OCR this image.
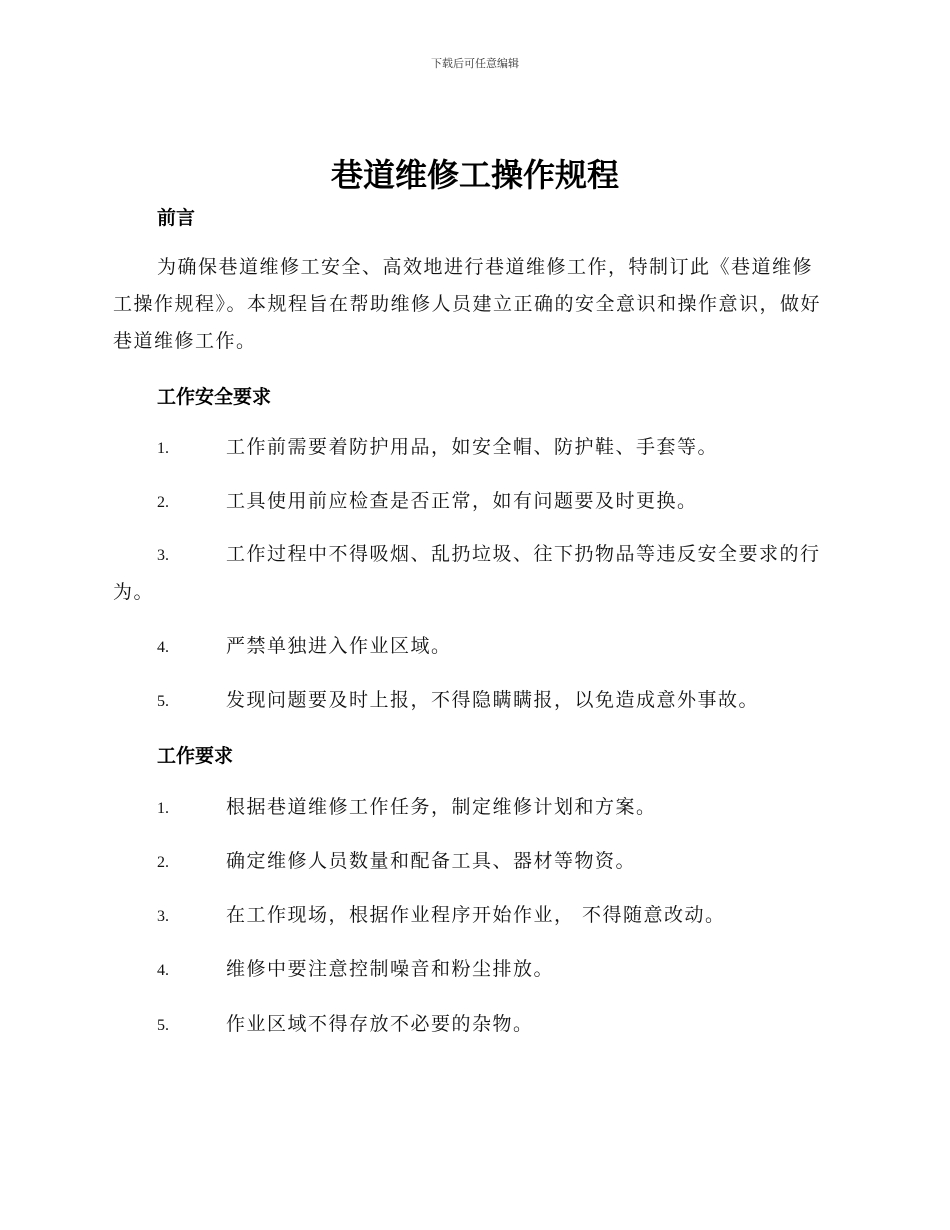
下载后可任意编辑
巷道维修工操作规程
前言
为确保巷道维修工安全、高效地进行巷道维修工作，特制订此《巷道维修工操作规程》。本规程旨在帮助维修人员建立正确的安全意识和操作意识，做好巷道维修工作。
工作安全要求
1.	工作前需要着防护用品，如安全帽、防护鞋、手套等。
2.	工具使用前应检查是否正常，如有问题要及时更换。
3.	工作过程中不得吸烟、乱扔垃圾、往下扔物品等违反安全要求的行为。
4.	严禁单独进入作业区域。
5.	发现问题要及时上报，不得隐瞒瞒报，以免造成意外事故。
工作要求
1.	根据巷道维修工作任务，制定维修计划和方案。
2.	确定维修人员数量和配备工具、器材等物资。
3.	在工作现场，根据作业程序开始作业， 不得随意改动。
4.	维修中要注意控制噪音和粉尘排放。
5.	作业区域不得存放不必要的杂物。
